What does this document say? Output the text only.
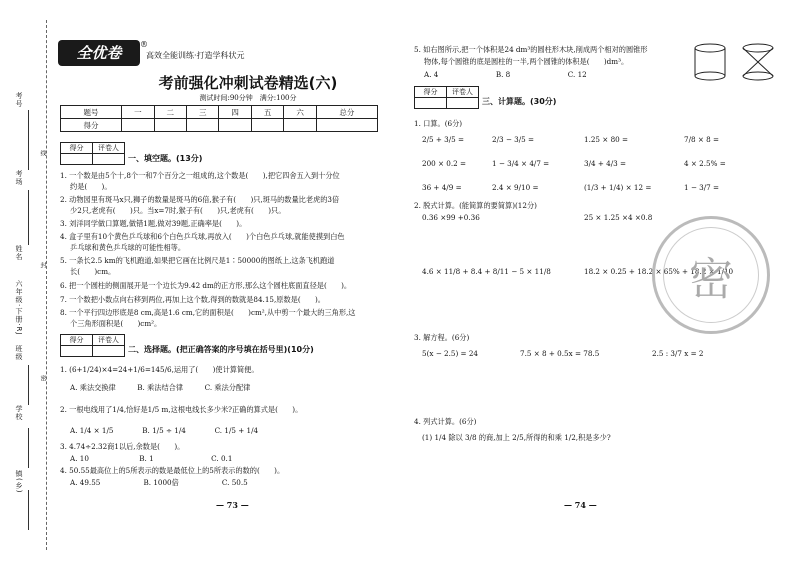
考号
考场
姓名
六年级·下册·RJ
班级
学校
镇(乡)
线
封
密
全优卷	®
高效全能训练·打造学科状元
考前强化冲刺试卷精选(六)
测试时间:90分钟　满分:100分
题号	一	二	三	四	五	六	总分
得分							
得分	评卷人

一、填空题。(13分)
1. 一个数是由5个十,8个一和7个百分之一组成的,这个数是(　　),把它四舍五入到十分位
约是(　　)。
2. 动物园里有斑马x只,狮子的数量是斑马的6倍,猴子有(　　)只,斑马的数量比老虎的3倍
少2只,老虎有(　　)只。当x=7时,猴子有(　　)只,老虎有(　　)只。
3. 刘洋同学做口算题,做错1题,做对39题,正确率是(　　)。
4. 盒子里有10个黄色乒乓球和6个白色乒乓球,再放入(　　)个白色乒乓球,就能使摸到白色
乒乓球和黄色乒乓球的可能性相等。
5. 一条长2.5 km的飞机跑道,如果把它画在比例尺是1∶50000的图纸上,这条飞机跑道
长(　　)cm。
6. 把一个圆柱的侧面展开是一个边长为9.42 dm的正方形,那么这个圆柱底面直径是(　　)。
7. 一个数把小数点向右移到两位,再加上这个数,得到的数就是84.15,原数是(　　)。
8. 一个平行四边形底是8 cm,高是1.6 cm,它的面积是(　　)cm²,从中剪一个最大的三角形,这
个三角形面积是(　　)cm²。
得分	评卷人

二、选择题。(把正确答案的序号填在括号里)(10分)
1. (6+1/24)×4=24+1/6=145/6,运用了(　　)使计算简便。
A. 乘法交换律　　　B. 乘法结合律　　　C. 乘法分配律
2. 一根电线用了1/4,恰好是1/5 m,这根电线长多少米?正确的算式是(　　)。
A. 1/4 × 1/5　　　　B. 1/5 ÷ 1/4　　　　C. 1/5 + 1/4
3. 4.74÷2.32商1以后,余数是(　　)。
A. 10　　　　　　　B. 1　　　　　　　　C. 0.1
4. 50.55最高位上的5所表示的数是最低位上的5所表示的数的(　　)。
A. 49.55　　　　　　B. 1000倍　　　　　　C. 50.5
— 73 —
5. 如右图所示,把一个体积是24 dm³的圆柱形木块,削成两个相对的圆锥形
物体,每个圆锥的底是圆柱的一半,两个圆锥的体积是(　　)dm³。
A. 4　　　　　　　　B. 8　　　　　　　　C. 12
得分	评卷人

三、计算题。(30分)
1. 口算。(6分)
2/5 + 3/5 =	2/3 − 3/5 =	1.25 × 80 =	7/8 × 8 =
200 × 0.2 =	1 − 3/4 × 4/7 =	3/4 + 4/3 =	4 × 2.5% =
36 + 4/9 =	2.4 × 9/10 =	(1/3 + 1/4) × 12 =	1 − 3/7 =
2. 脱式计算。(能简算的要简算)(12分)
0.36 ×99 +0.36	25 × 1.25 ×4 ×0.8
4.6 × 11/8 + 8.4 + 8/11 − 5 × 11/8	18.2 × 0.25 + 18.2 × 65% + 18.2 × 1/10
3. 解方程。(6分)
5(x − 2.5) = 24	7.5 × 8 + 0.5x = 78.5	2.5 : 3/7 x = 2
4. 列式计算。(6分)
(1) 1/4 除以 3/8 的商,加上 2/5,所得的和乘 1/2,积是多少?
— 74 —
密
